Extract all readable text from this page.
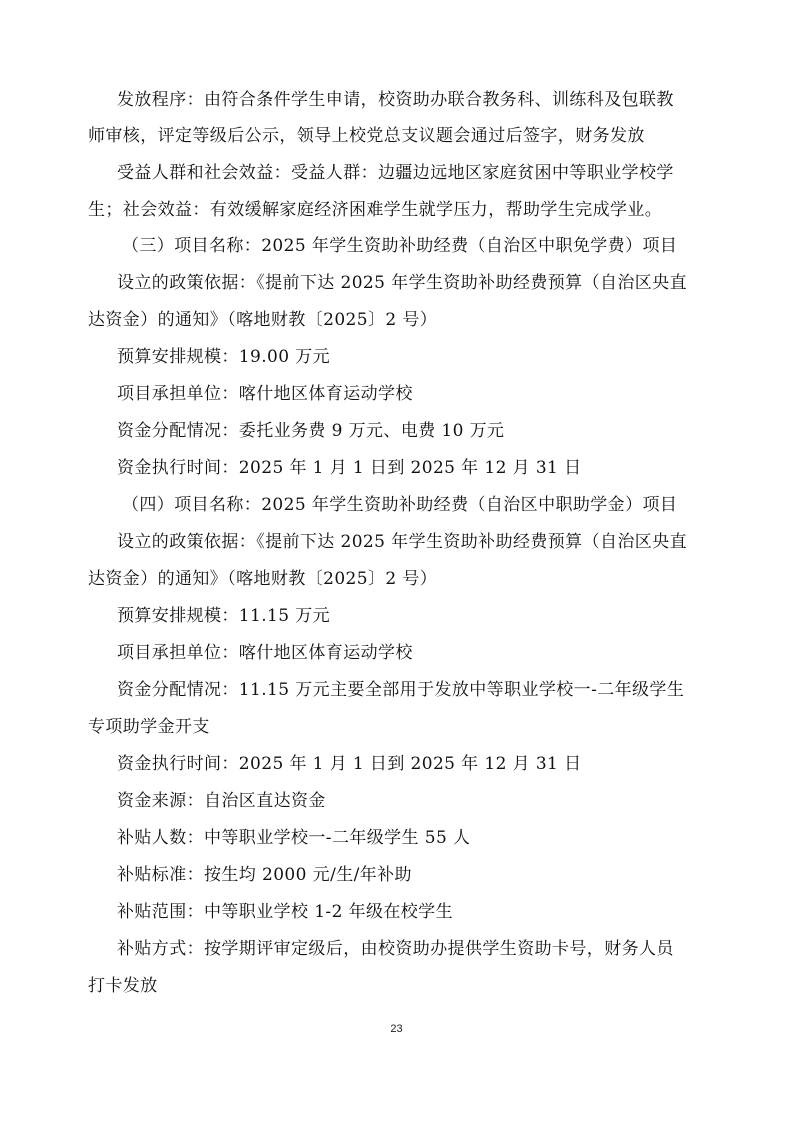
发放程序：由符合条件学生申请，校资助办联合教务科、训练科及包联教
师审核，评定等级后公示，领导上校党总支议题会通过后签字，财务发放
受益人群和社会效益：受益人群：边疆边远地区家庭贫困中等职业学校学
生；社会效益：有效缓解家庭经济困难学生就学压力，帮助学生完成学业。
（三）项目名称：2025 年学生资助补助经费（自治区中职免学费）项目
设立的政策依据：《提前下达 2025 年学生资助补助经费预算（自治区央直
达资金）的通知》（喀地财教〔2025〕2 号）
预算安排规模：19.00 万元
项目承担单位：喀什地区体育运动学校
资金分配情况：委托业务费 9 万元、电费 10 万元
资金执行时间：2025 年 1 月 1 日到 2025 年 12 月 31 日
（四）项目名称：2025 年学生资助补助经费（自治区中职助学金）项目
设立的政策依据：《提前下达 2025 年学生资助补助经费预算（自治区央直
达资金）的通知》（喀地财教〔2025〕2 号）
预算安排规模：11.15 万元
项目承担单位：喀什地区体育运动学校
资金分配情况：11.15 万元主要全部用于发放中等职业学校一-二年级学生
专项助学金开支
资金执行时间：2025 年 1 月 1 日到 2025 年 12 月 31 日
资金来源：自治区直达资金
补贴人数：中等职业学校一-二年级学生 55 人
补贴标准：按生均 2000 元/生/年补助
补贴范围：中等职业学校 1-2 年级在校学生
补贴方式：按学期评审定级后，由校资助办提供学生资助卡号，财务人员
打卡发放
23
